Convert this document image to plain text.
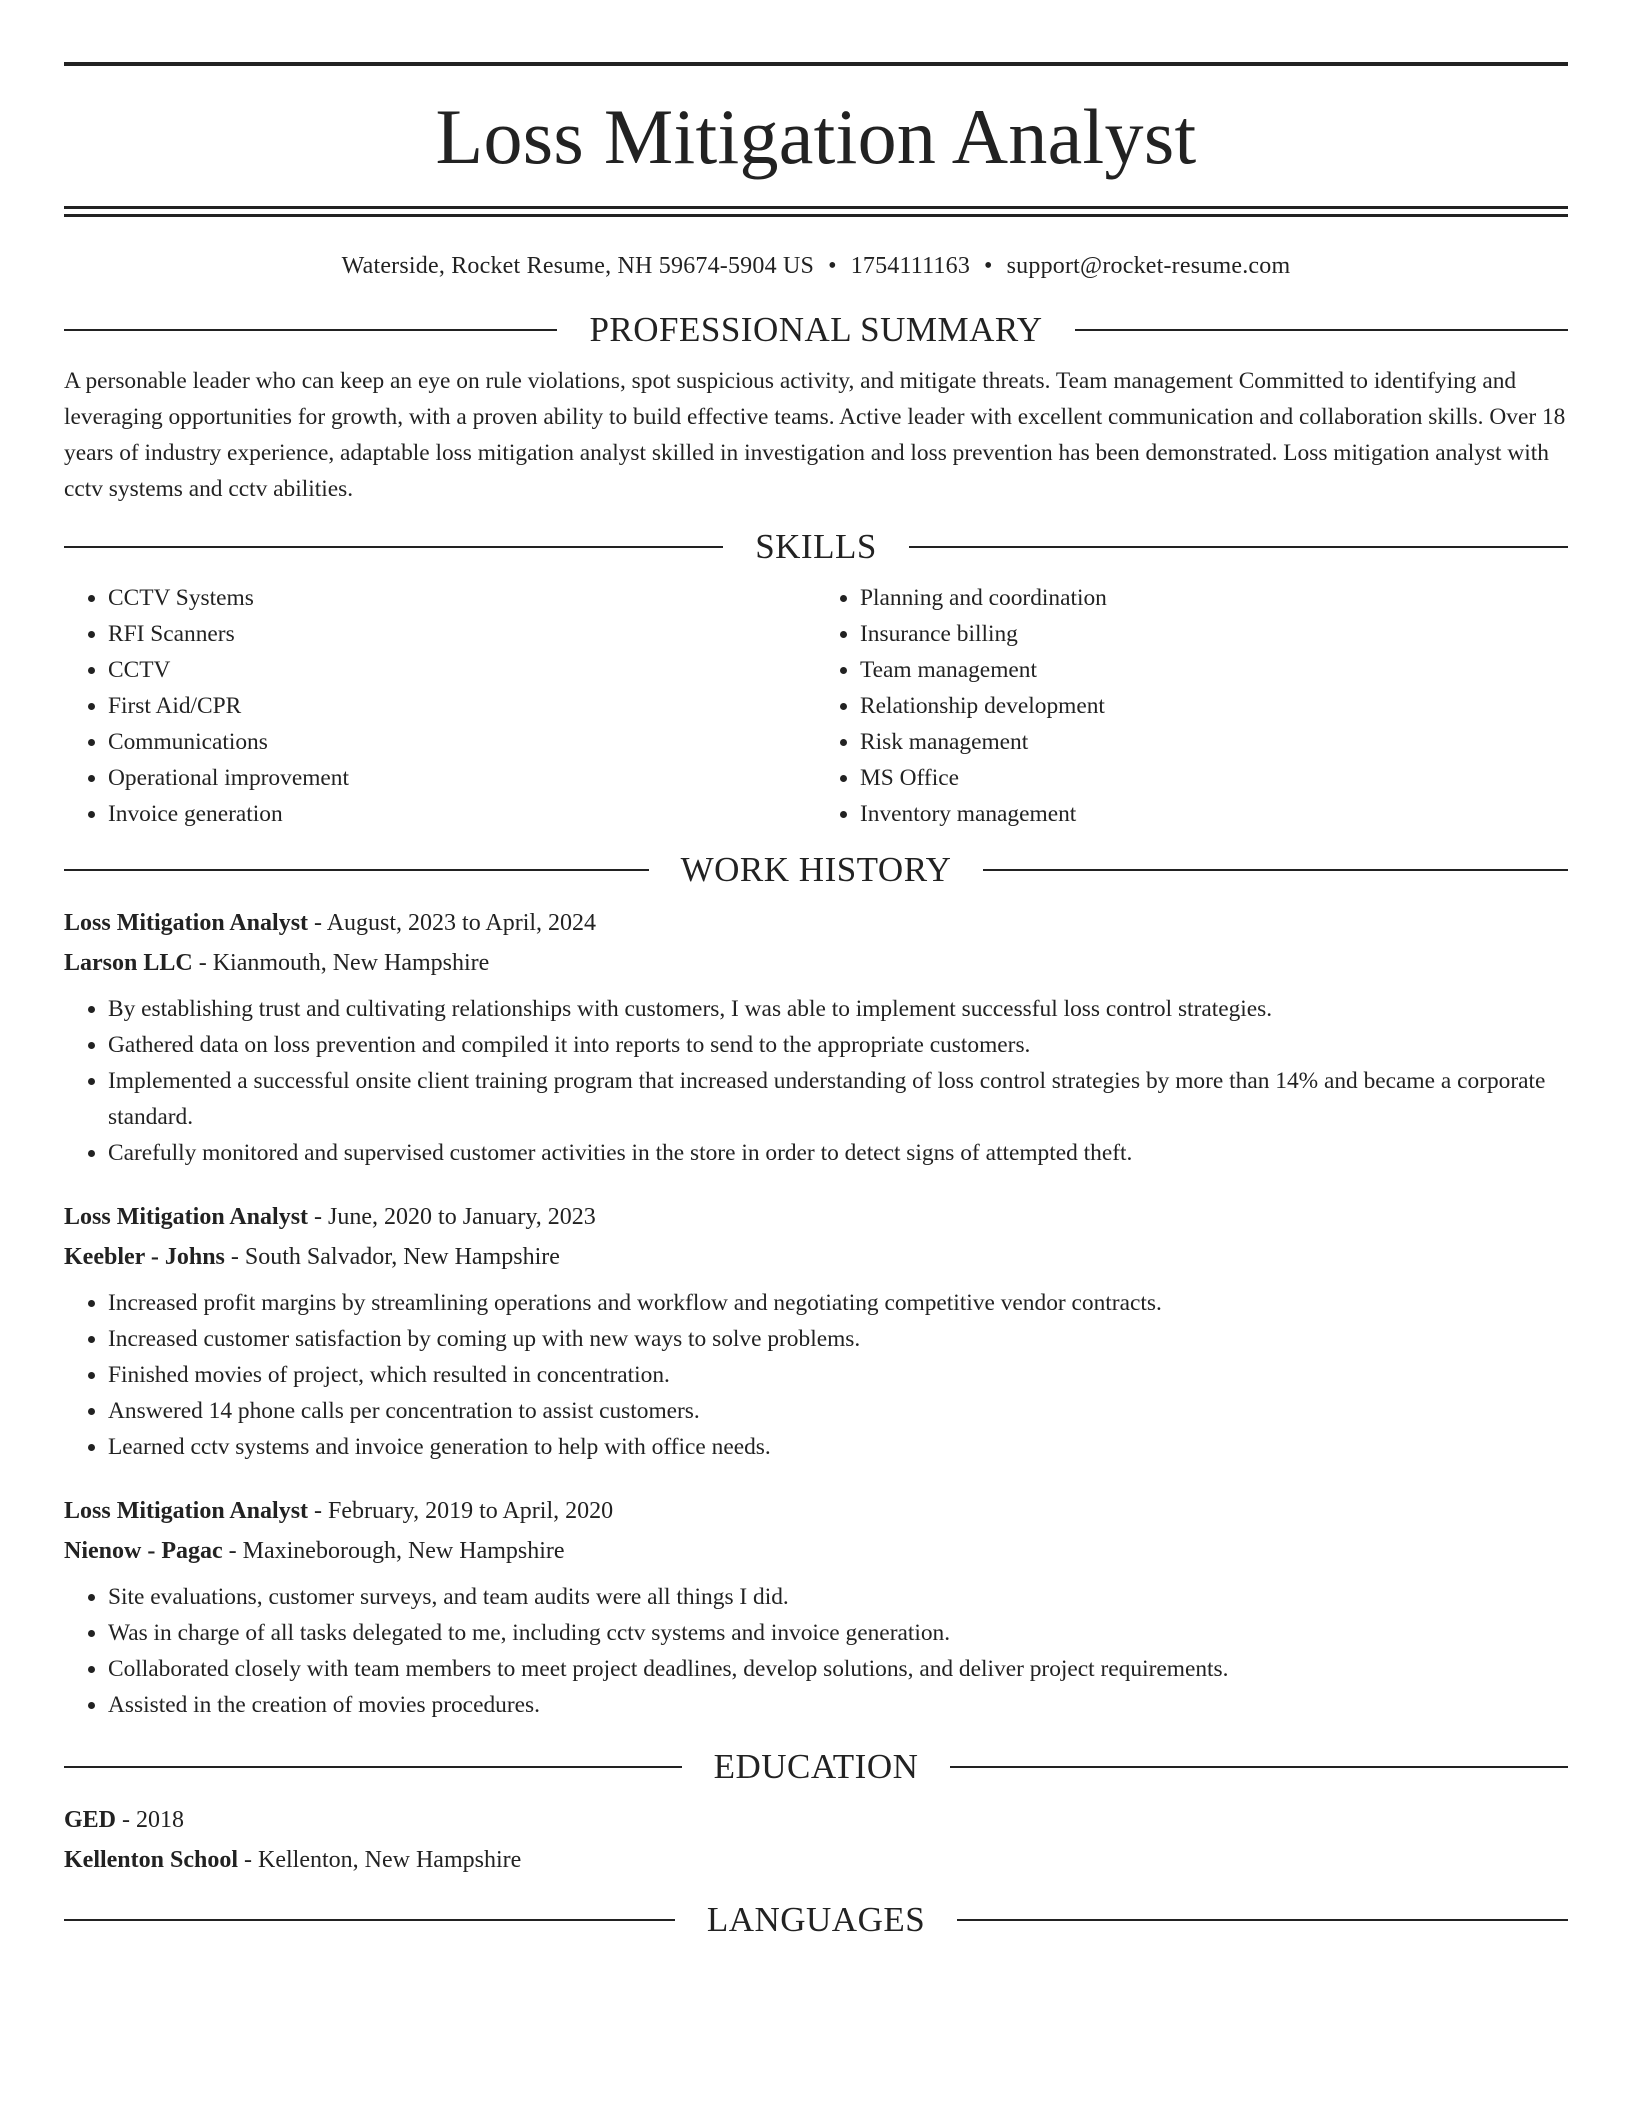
Loss Mitigation Analyst
Waterside, Rocket Resume, NH 59674-5904 US • 1754111163 • support@rocket-resume.com
PROFESSIONAL SUMMARY

A personable leader who can keep an eye on rule violations, spot suspicious activity, and mitigate threats. Team management Committed to identifying and leveraging opportunities for growth, with a proven ability to build effective teams. Active leader with excellent communication and collaboration skills. Over 18 years of industry experience, adaptable loss mitigation analyst skilled in investigation and loss prevention has been demonstrated. Loss mitigation analyst with cctv systems and cctv abilities.

SKILLS
• CCTV Systems
• RFI Scanners
• CCTV
• First Aid/CPR
• Communications
• Operational improvement
• Invoice generation
• Planning and coordination
• Insurance billing
• Team management
• Relationship development
• Risk management
• MS Office
• Inventory management
WORK HISTORY
Loss Mitigation Analyst - August, 2023 to April, 2024
Larson LLC - Kianmouth, New Hampshire
• By establishing trust and cultivating relationships with customers, I was able to implement successful loss control strategies.
• Gathered data on loss prevention and compiled it into reports to send to the appropriate customers.
• Implemented a successful onsite client training program that increased understanding of loss control strategies by more than 14% and became a corporate standard.
• Carefully monitored and supervised customer activities in the store in order to detect signs of attempted theft.
Loss Mitigation Analyst - June, 2020 to January, 2023
Keebler - Johns - South Salvador, New Hampshire
• Increased profit margins by streamlining operations and workflow and negotiating competitive vendor contracts.
• Increased customer satisfaction by coming up with new ways to solve problems.
• Finished movies of project, which resulted in concentration.
• Answered 14 phone calls per concentration to assist customers.
• Learned cctv systems and invoice generation to help with office needs.
Loss Mitigation Analyst - February, 2019 to April, 2020
Nienow - Pagac - Maxineborough, New Hampshire
• Site evaluations, customer surveys, and team audits were all things I did.
• Was in charge of all tasks delegated to me, including cctv systems and invoice generation.
• Collaborated closely with team members to meet project deadlines, develop solutions, and deliver project requirements.
• Assisted in the creation of movies procedures.
EDUCATION
GED - 2018
Kellenton School - Kellenton, New Hampshire
LANGUAGES
